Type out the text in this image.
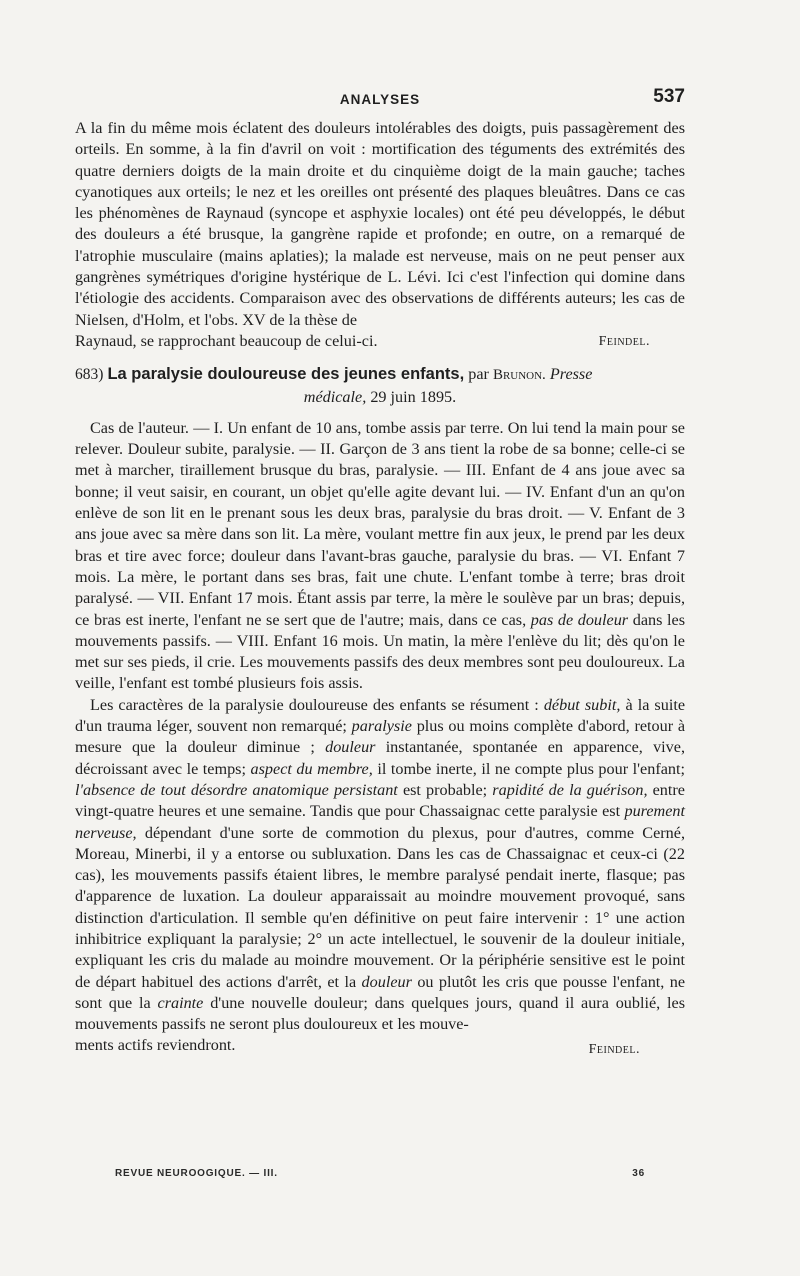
ANALYSES	537

A la fin du même mois éclatent des douleurs intolérables des doigts, puis passagèrement des orteils. En somme, à la fin d'avril on voit : mortification des téguments des extrémités des quatre derniers doigts de la main droite et du cinquième doigt de la main gauche; taches cyanotiques aux orteils; le nez et les oreilles ont présenté des plaques bleuâtres. Dans ce cas les phénomènes de Raynaud (syncope et asphyxie locales) ont été peu développés, le début des douleurs a été brusque, la gangrène rapide et profonde; en outre, on a remarqué de l'atrophie musculaire (mains aplaties); la malade est nerveuse, mais on ne peut penser aux gangrènes symétriques d'origine hystérique de L. Lévi. Ici c'est l'infection qui domine dans l'étiologie des accidents. Comparaison avec des observations de différents auteurs; les cas de Nielsen, d'Holm, et l'obs. XV de la thèse de

Raynaud, se rapprochant beaucoup de celui-ci.	Feindel.

683) La paralysie douloureuse des jeunes enfants, par Brunon. Presse

médicale, 29 juin 1895.

Cas de l'auteur. — I. Un enfant de 10 ans, tombe assis par terre. On lui tend la main pour se relever. Douleur subite, paralysie. — II. Garçon de 3 ans tient la robe de sa bonne; celle-ci se met à marcher, tiraillement brusque du bras, paralysie. — III. Enfant de 4 ans joue avec sa bonne; il veut saisir, en courant, un objet qu'elle agite devant lui. — IV. Enfant d'un an qu'on enlève de son lit en le prenant sous les deux bras, paralysie du bras droit. — V. Enfant de 3 ans joue avec sa mère dans son lit. La mère, voulant mettre fin aux jeux, le prend par les deux bras et tire avec force; douleur dans l'avant-bras gauche, paralysie du bras. — VI. Enfant 7 mois. La mère, le portant dans ses bras, fait une chute. L'enfant tombe à terre; bras droit paralysé. — VII. Enfant 17 mois. Étant assis par terre, la mère le soulève par un bras; depuis, ce bras est inerte, l'enfant ne se sert que de l'autre; mais, dans ce cas, pas de douleur dans les mouvements passifs. — VIII. Enfant 16 mois. Un matin, la mère l'enlève du lit; dès qu'on le met sur ses pieds, il crie. Les mouvements passifs des deux membres sont peu douloureux. La veille, l'enfant est tombé plusieurs fois assis.

Les caractères de la paralysie douloureuse des enfants se résument : début subit, à la suite d'un trauma léger, souvent non remarqué; paralysie plus ou moins complète d'abord, retour à mesure que la douleur diminue ; douleur instantanée, spontanée en apparence, vive, décroissant avec le temps; aspect du membre, il tombe inerte, il ne compte plus pour l'enfant; l'absence de tout désordre anatomique persistant est probable; rapidité de la guérison, entre vingt-quatre heures et une semaine. Tandis que pour Chassaignac cette paralysie est purement nerveuse, dépendant d'une sorte de commotion du plexus, pour d'autres, comme Cerné, Moreau, Minerbi, il y a entorse ou subluxation. Dans les cas de Chassaignac et ceux-ci (22 cas), les mouvements passifs étaient libres, le membre paralysé pendait inerte, flasque; pas d'apparence de luxation. La douleur apparaissait au moindre mouvement provoqué, sans distinction d'articulation. Il semble qu'en définitive on peut faire intervenir : 1° une action inhibitrice expliquant la paralysie; 2° un acte intellectuel, le souvenir de la douleur initiale, expliquant les cris du malade au moindre mouvement. Or la périphérie sensitive est le point de départ habituel des actions d'arrêt, et la douleur ou plutôt les cris que pousse l'enfant, ne sont que la crainte d'une nouvelle douleur; dans quelques jours, quand il aura oublié, les mouvements passifs ne seront plus douloureux et les mouve-

ments actifs reviendront.	Feindel.
REVUE NEUROOGIQUE. — III.	36
